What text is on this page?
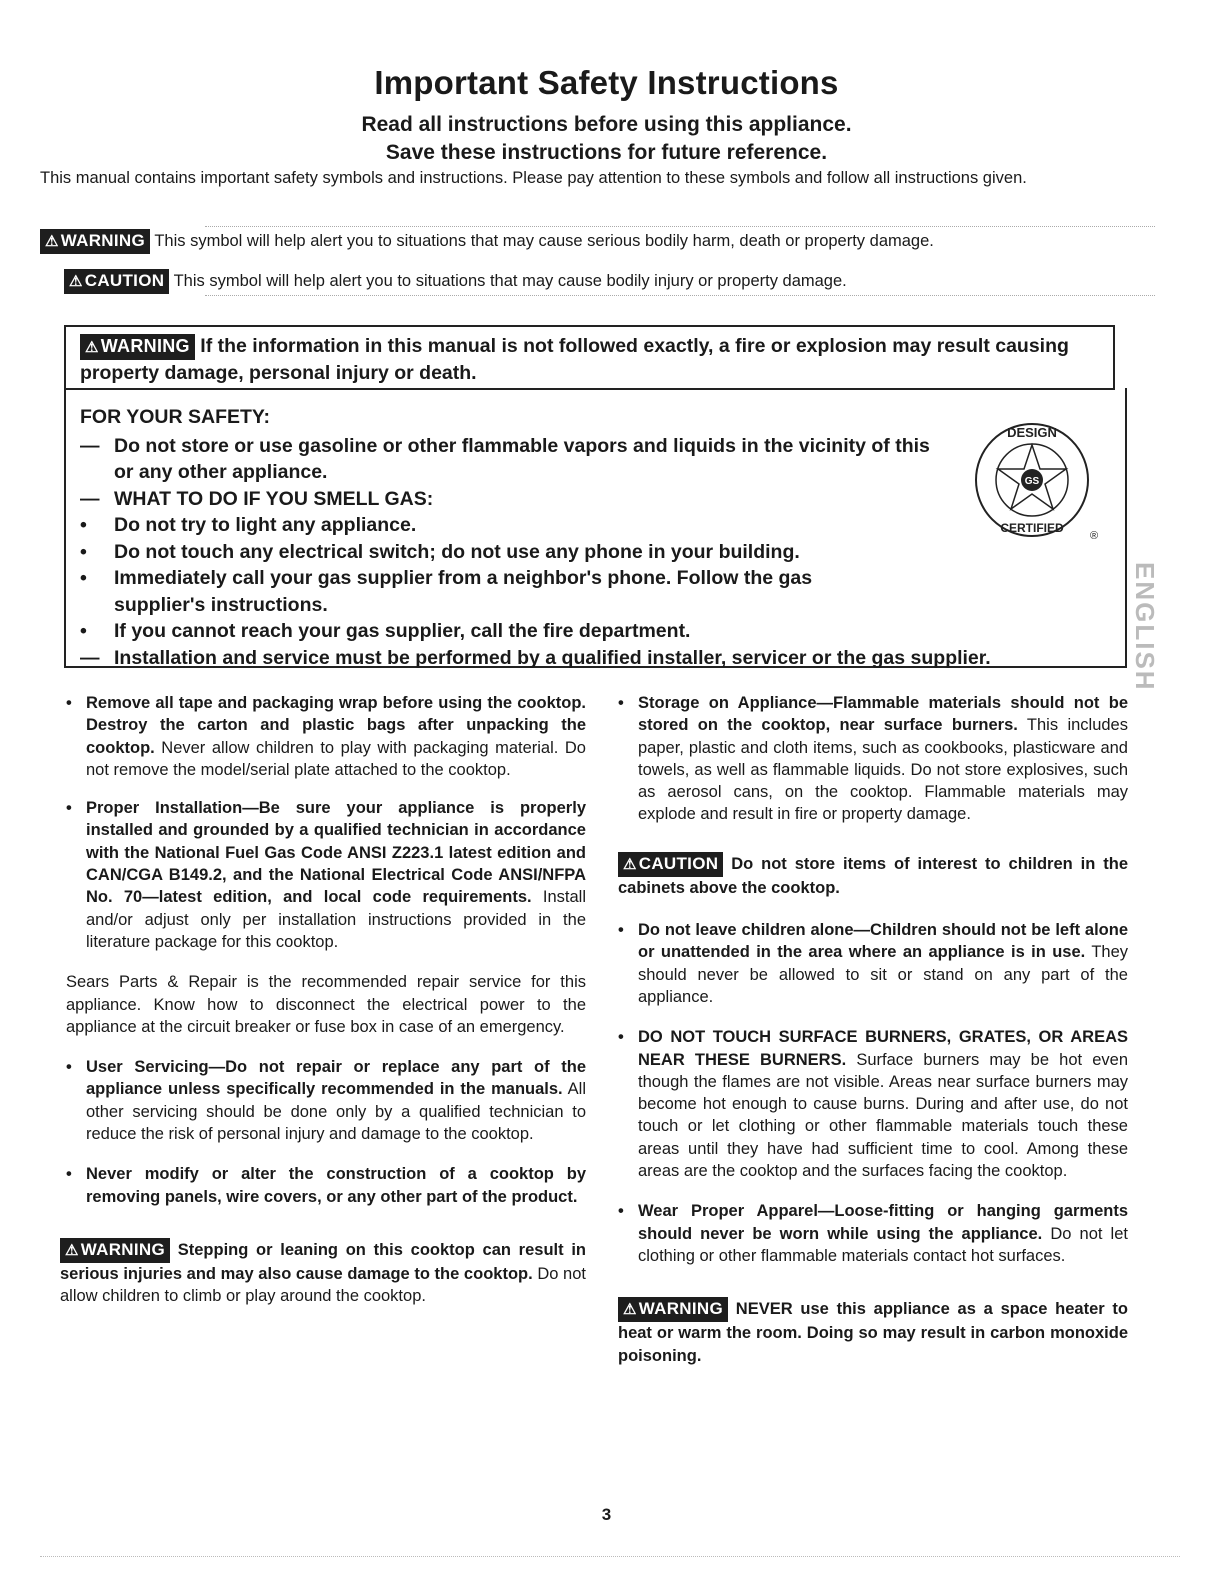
Important Safety Instructions
Read all instructions before using this appliance.
Save these instructions for future reference.
This manual contains important safety symbols and instructions. Please pay attention to these symbols and follow all instructions given.
⚠ WARNING This symbol will help alert you to situations that may cause serious bodily harm, death or property damage.
⚠ CAUTION This symbol will help alert you to situations that may cause bodily injury or property damage.
⚠ WARNING If the information in this manual is not followed exactly, a fire or explosion may result causing property damage, personal injury or death.
FOR YOUR SAFETY:
— Do not store or use gasoline or other flammable vapors and liquids in the vicinity of this or any other appliance.
— WHAT TO DO IF YOU SMELL GAS:
• Do not try to light any appliance.
• Do not touch any electrical switch; do not use any phone in your building.
• Immediately call your gas supplier from a neighbor's phone. Follow the gas supplier's instructions.
• If you cannot reach your gas supplier, call the fire department.
— Installation and service must be performed by a qualified installer, servicer or the gas supplier.
GS
DESIGN
CERTIFIED
®
ENGLISH
• Remove all tape and packaging wrap before using the cooktop. Destroy the carton and plastic bags after unpacking the cooktop. Never allow children to play with packaging material. Do not remove the model/serial plate attached to the cooktop.
• Proper Installation—Be sure your appliance is properly installed and grounded by a qualified technician in accordance with the National Fuel Gas Code ANSI Z223.1 latest edition and CAN/CGA B149.2, and the National Electrical Code ANSI/NFPA No. 70—latest edition, and local code requirements. Install and/or adjust only per installation instructions provided in the literature package for this cooktop.
Sears Parts & Repair is the recommended repair service for this appliance. Know how to disconnect the electrical power to the appliance at the circuit breaker or fuse box in case of an emergency.
• User Servicing—Do not repair or replace any part of the appliance unless specifically recommended in the manuals. All other servicing should be done only by a qualified technician to reduce the risk of personal injury and damage to the cooktop.
• Never modify or alter the construction of a cooktop by removing panels, wire covers, or any other part of the product.
⚠ WARNING Stepping or leaning on this cooktop can result in serious injuries and may also cause damage to the cooktop. Do not allow children to climb or play around the cooktop.
• Storage on Appliance—Flammable materials should not be stored on the cooktop, near surface burners. This includes paper, plastic and cloth items, such as cookbooks, plasticware and towels, as well as flammable liquids. Do not store explosives, such as aerosol cans, on the cooktop. Flammable materials may explode and result in fire or property damage.
⚠ CAUTION Do not store items of interest to children in the cabinets above the cooktop.
• Do not leave children alone—Children should not be left alone or unattended in the area where an appliance is in use. They should never be allowed to sit or stand on any part of the appliance.
• DO NOT TOUCH SURFACE BURNERS, GRATES, OR AREAS NEAR THESE BURNERS. Surface burners may be hot even though the flames are not visible. Areas near surface burners may become hot enough to cause burns. During and after use, do not touch or let clothing or other flammable materials touch these areas until they have had sufficient time to cool. Among these areas are the cooktop and the surfaces facing the cooktop.
• Wear Proper Apparel—Loose-fitting or hanging garments should never be worn while using the appliance. Do not let clothing or other flammable materials contact hot surfaces.
⚠ WARNING NEVER use this appliance as a space heater to heat or warm the room. Doing so may result in carbon monoxide poisoning.
3
